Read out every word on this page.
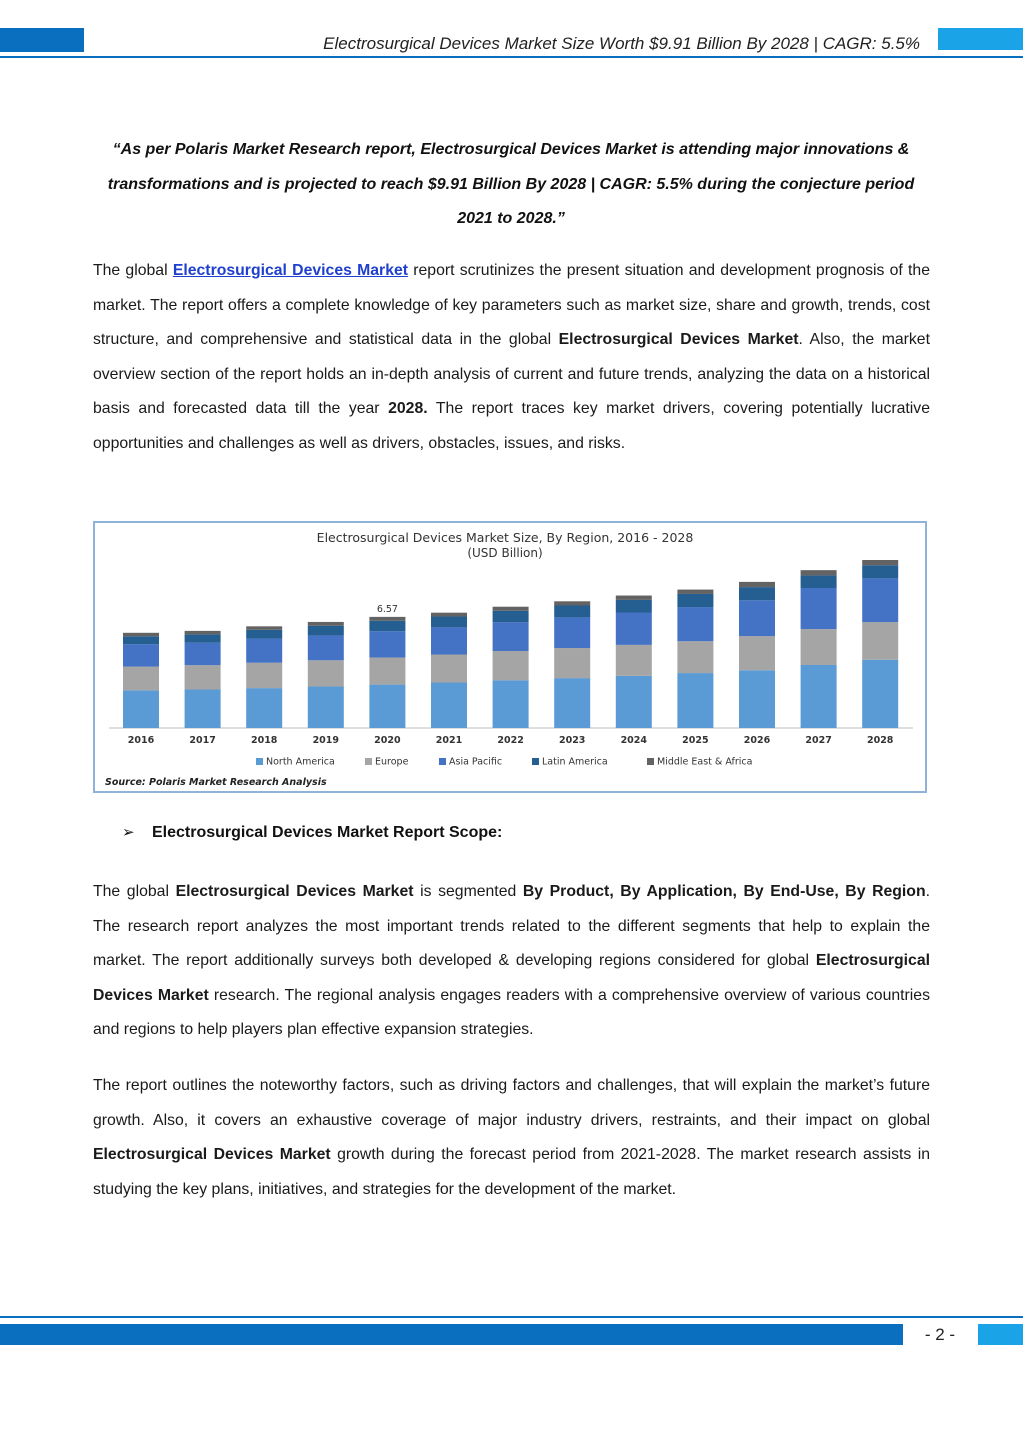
Electrosurgical Devices Market Size Worth $9.91 Billion By 2028 | CAGR: 5.5%
“As per Polaris Market Research report, Electrosurgical Devices Market is attending major innovations &
transformations and is projected to reach $9.91 Billion By 2028 | CAGR: 5.5% during the conjecture period
2021 to 2028.”
The global Electrosurgical Devices Market report scrutinizes the present situation and development prognosis of the market. The report offers a complete knowledge of key parameters such as market size, share and growth, trends, cost structure, and comprehensive and statistical data in the global Electrosurgical Devices Market. Also, the market overview section of the report holds an in-depth analysis of current and future trends, analyzing the data on a historical basis and forecasted data till the year 2028. The report traces key market drivers, covering potentially lucrative opportunities and challenges as well as drivers, obstacles, issues, and risks.
Electrosurgical Devices Market Size, By Region, 2016 - 2028
(USD Billion)
6.57
2016	2017	2018	2019	2020	2021	2022	2023	2024	2025	2026	2027	2028
North America	Europe	Asia Pacific	Latin America	Middle East & Africa
Source: Polaris Market Research Analysis
➢ Electrosurgical Devices Market Report Scope:
The global Electrosurgical Devices Market is segmented By Product, By Application, By End-Use, By Region. The research report analyzes the most important trends related to the different segments that help to explain the market. The report additionally surveys both developed & developing regions considered for global Electrosurgical Devices Market research. The regional analysis engages readers with a comprehensive overview of various countries and regions to help players plan effective expansion strategies.
The report outlines the noteworthy factors, such as driving factors and challenges, that will explain the market’s future growth. Also, it covers an exhaustive coverage of major industry drivers, restraints, and their impact on global Electrosurgical Devices Market growth during the forecast period from 2021-2028. The market research assists in studying the key plans, initiatives, and strategies for the development of the market.
- 2 -
